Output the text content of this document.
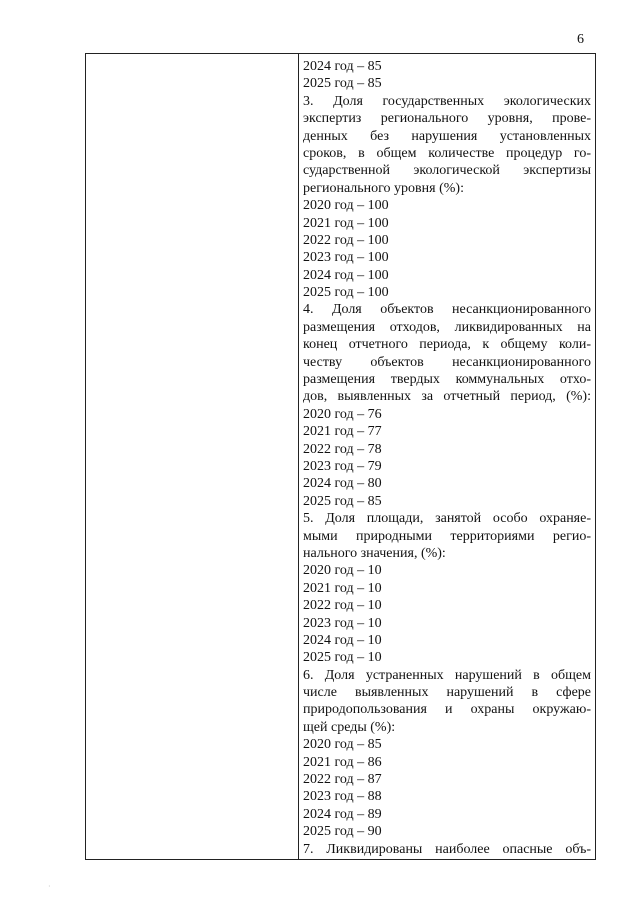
6
2024 год – 85
2025 год – 85
3. Доля государственных экологических
экспертиз регионального уровня, прове-
денных без нарушения установленных
сроков, в общем количестве процедур го-
сударственной экологической экспертизы
регионального уровня (%):
2020 год – 100
2021 год – 100
2022 год – 100
2023 год – 100
2024 год – 100
2025 год – 100
4. Доля объектов несанкционированного
размещения отходов, ликвидированных на
конец отчетного периода, к общему коли-
честву объектов несанкционированного
размещения твердых коммунальных отхо-
дов, выявленных за отчетный период, (%):
2020 год – 76
2021 год – 77
2022 год – 78
2023 год – 79
2024 год – 80
2025 год – 85
5. Доля площади, занятой особо охраняе-
мыми природными территориями регио-
нального значения, (%):
2020 год – 10
2021 год – 10
2022 год – 10
2023 год – 10
2024 год – 10
2025 год – 10
6. Доля устраненных нарушений в общем
числе выявленных нарушений в сфере
природопользования и охраны окружаю-
щей среды (%):
2020 год – 85
2021 год – 86
2022 год – 87
2023 год – 88
2024 год – 89
2025 год – 90
7. Ликвидированы наиболее опасные объ-
·
